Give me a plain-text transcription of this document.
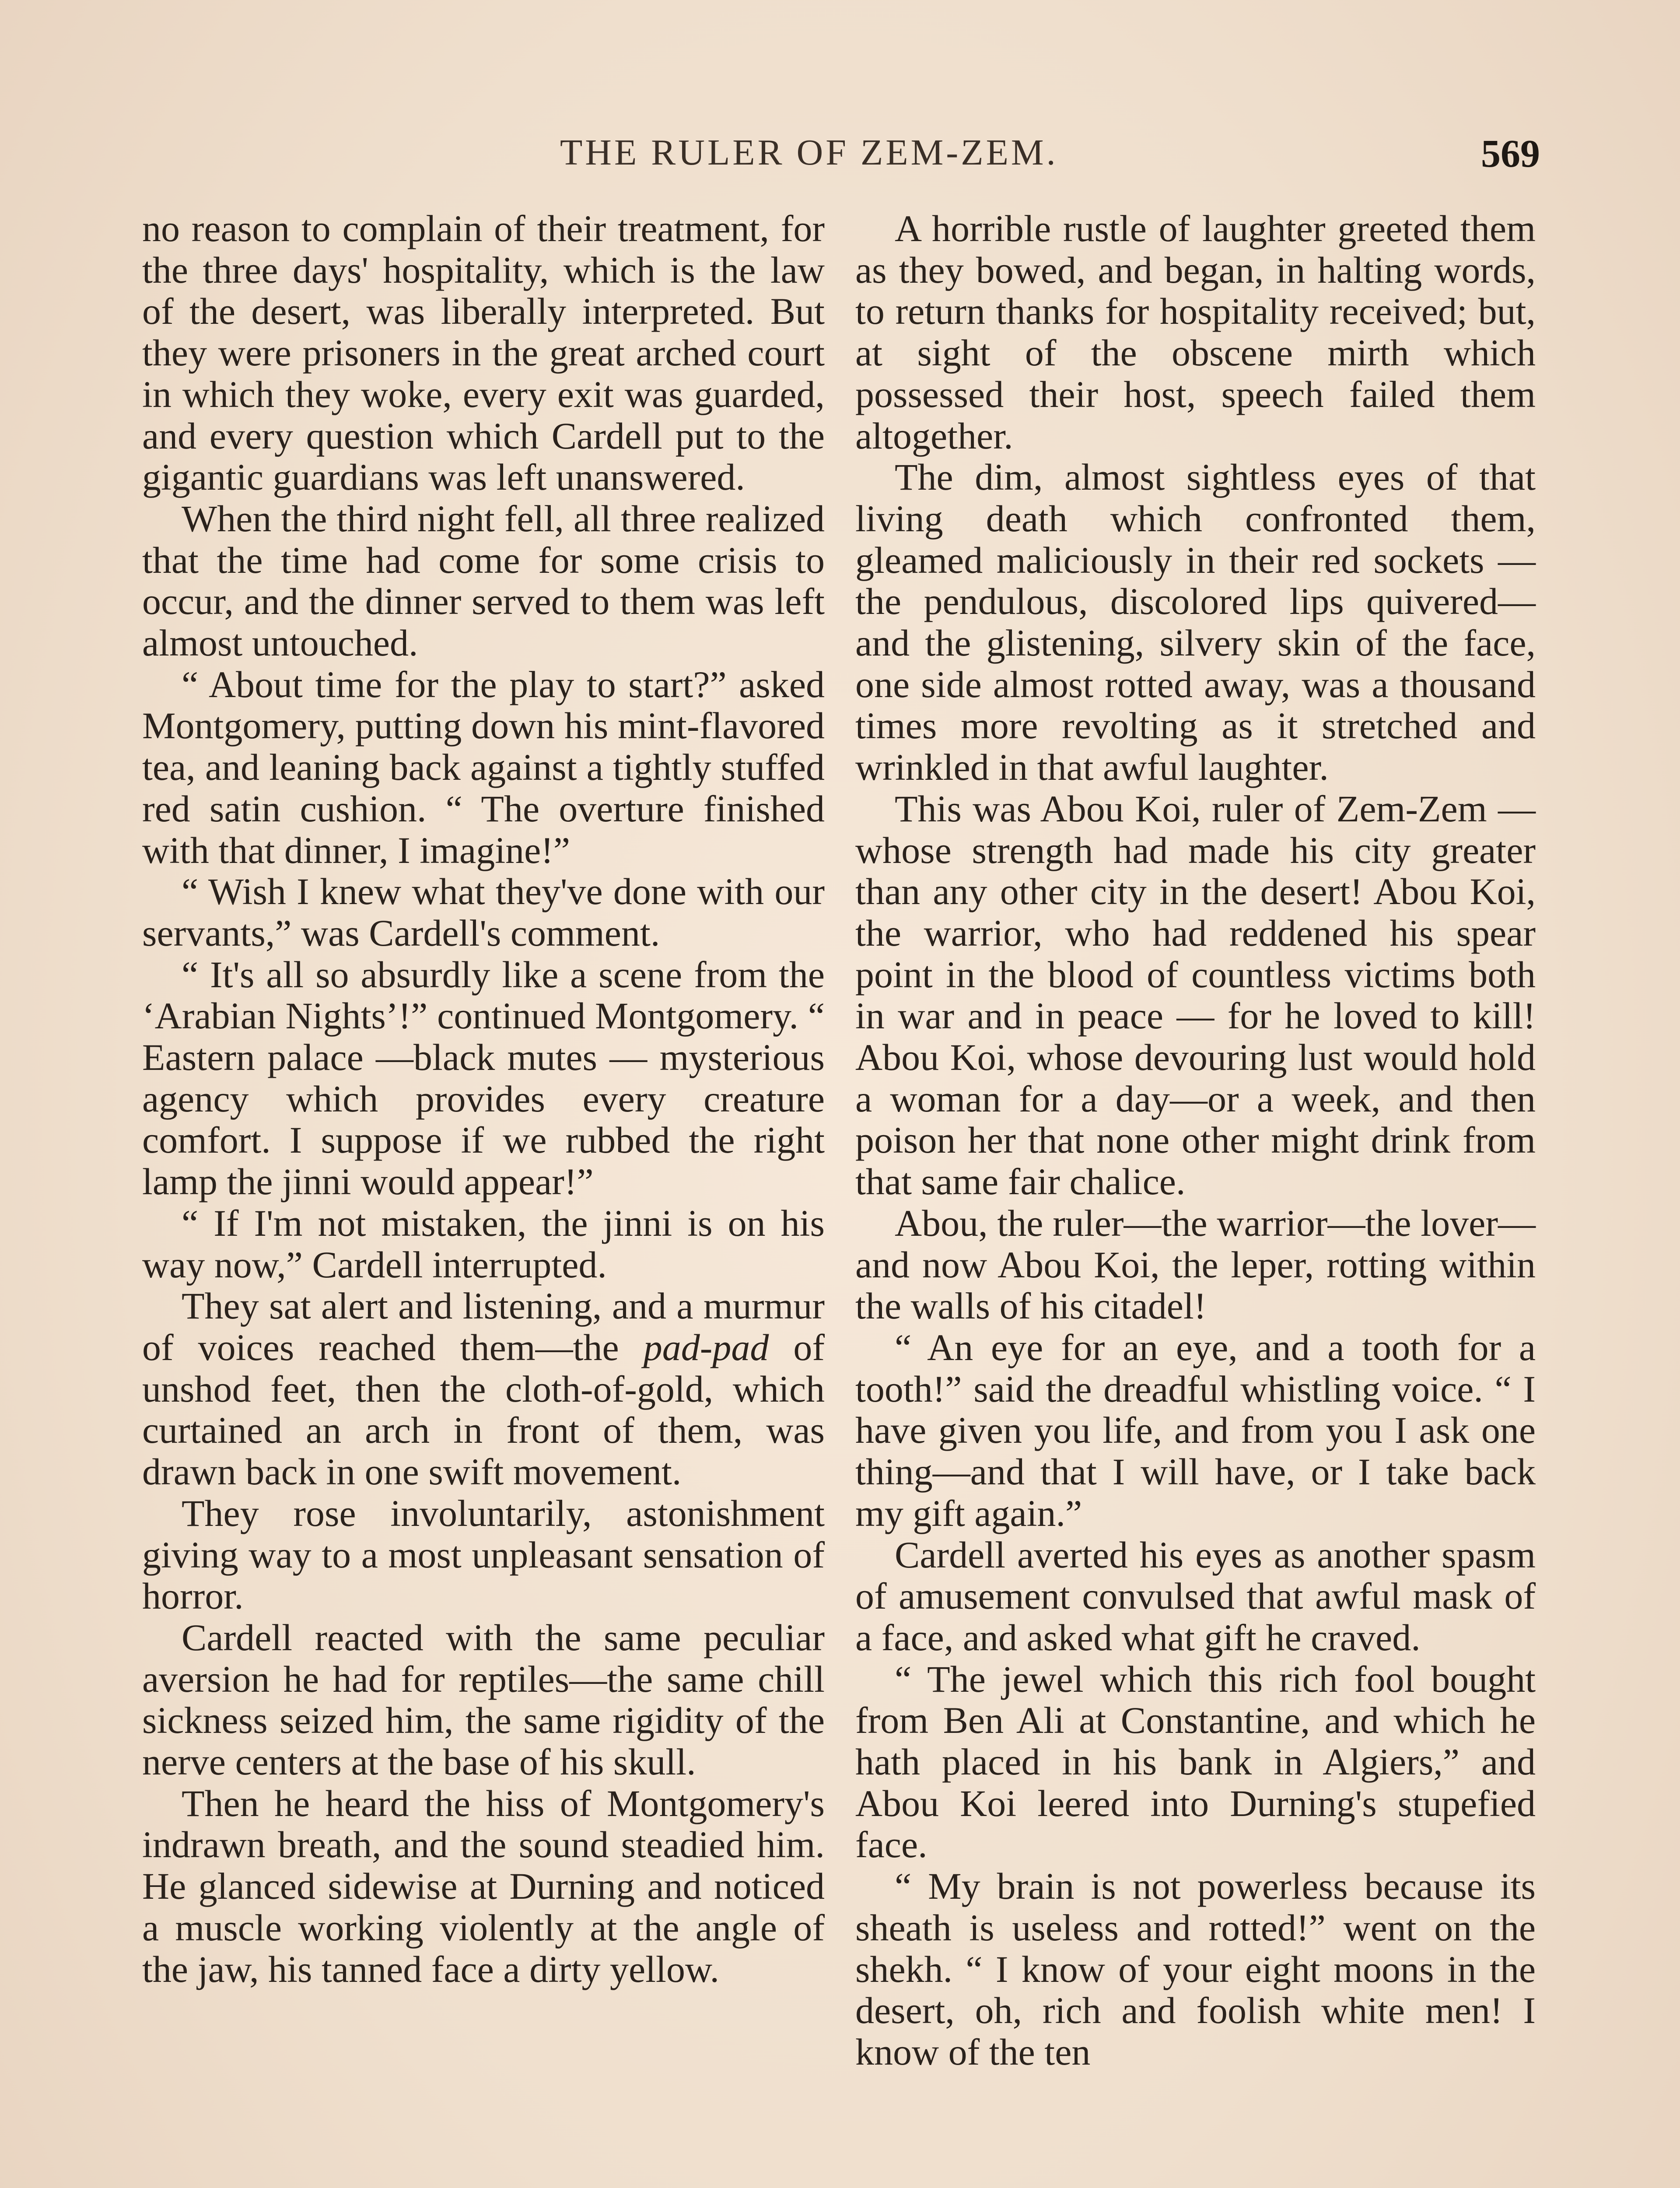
THE RULER OF ZEM-ZEM.	569

no reason to complain of their treatment, for the three days' hospitality, which is the law of the desert, was liberally interpreted. But they were prisoners in the great arched court in which they woke, every exit was guarded, and every question which Cardell put to the gigantic guardians was left unanswered.

When the third night fell, all three realized that the time had come for some crisis to occur, and the dinner served to them was left almost untouched.

“ About time for the play to start?” asked Montgomery, putting down his mint-flavored tea, and leaning back against a tightly stuffed red satin cushion. “ The overture finished with that dinner, I imagine!”

“ Wish I knew what they've done with our servants,” was Cardell's comment.

“ It's all so absurdly like a scene from the ‘Arabian Nights’!” continued Montgomery. “ Eastern palace —black mutes — mysterious agency which provides every creature comfort. I suppose if we rubbed the right lamp the jinni would appear!”

“ If I'm not mistaken, the jinni is on his way now,” Cardell interrupted.

They sat alert and listening, and a murmur of voices reached them—the pad-pad of unshod feet, then the cloth-of-gold, which curtained an arch in front of them, was drawn back in one swift movement.

They rose involuntarily, astonishment giving way to a most unpleasant sensation of horror.

Cardell reacted with the same peculiar aversion he had for reptiles—the same chill sickness seized him, the same rigidity of the nerve centers at the base of his skull.

Then he heard the hiss of Montgomery's indrawn breath, and the sound steadied him. He glanced sidewise at Durning and noticed a muscle working violently at the angle of the jaw, his tanned face a dirty yellow.

A horrible rustle of laughter greeted them as they bowed, and began, in halting words, to return thanks for hospitality received; but, at sight of the obscene mirth which possessed their host, speech failed them altogether.

The dim, almost sightless eyes of that living death which confronted them, gleamed maliciously in their red sockets — the pendulous, discolored lips quivered—and the glistening, silvery skin of the face, one side almost rotted away, was a thousand times more revolting as it stretched and wrinkled in that awful laughter.

This was Abou Koi, ruler of Zem-Zem — whose strength had made his city greater than any other city in the desert! Abou Koi, the warrior, who had reddened his spear point in the blood of countless victims both in war and in peace — for he loved to kill! Abou Koi, whose devouring lust would hold a woman for a day—or a week, and then poison her that none other might drink from that same fair chalice.

Abou, the ruler—the warrior—the lover—and now Abou Koi, the leper, rotting within the walls of his citadel!

“ An eye for an eye, and a tooth for a tooth!” said the dreadful whistling voice. “ I have given you life, and from you I ask one thing—and that I will have, or I take back my gift again.”

Cardell averted his eyes as another spasm of amusement convulsed that awful mask of a face, and asked what gift he craved.

“ The jewel which this rich fool bought from Ben Ali at Constantine, and which he hath placed in his bank in Algiers,” and Abou Koi leered into Durning's stupefied face.

“ My brain is not powerless because its sheath is useless and rotted!” went on the shekh. “ I know of your eight moons in the desert, oh, rich and foolish white men! I know of the ten
